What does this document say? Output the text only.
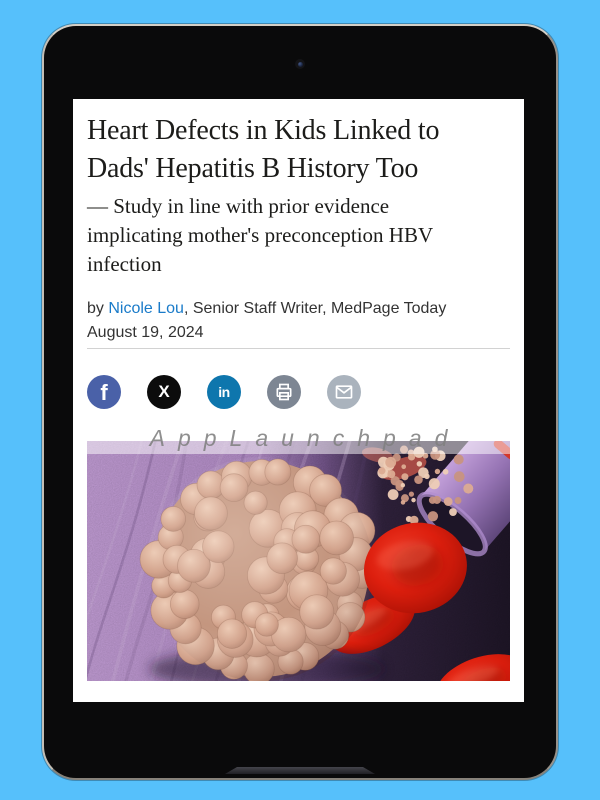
Heart Defects in Kids Linked to
Dads' Hepatitis B History Too
— Study in line with prior evidence
implicating mother's preconception HBV
infection

by Nicole Lou, Senior Staff Writer, MedPage Today

August 19, 2024

f	X	in
AppLaunchpad
